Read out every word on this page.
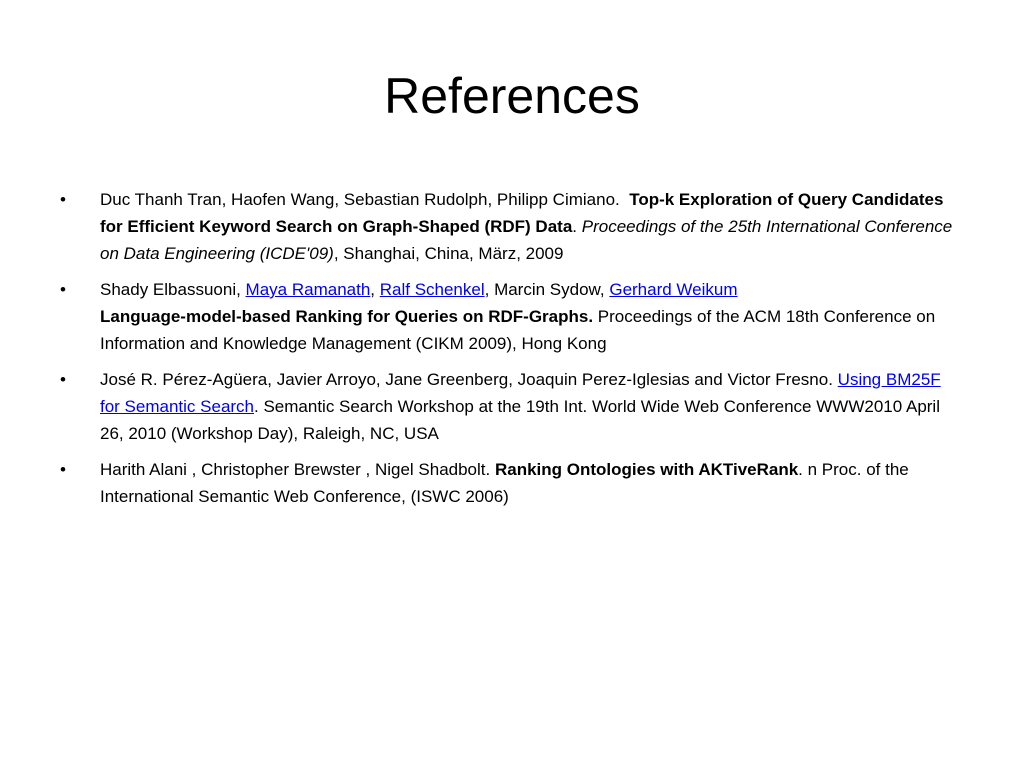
References
•	Duc Thanh Tran, Haofen Wang, Sebastian Rudolph, Philipp Cimiano. Top-k Exploration of Query Candidates for Efficient Keyword Search on Graph-Shaped (RDF) Data. Proceedings of the 25th International Conference on Data Engineering (ICDE'09), Shanghai, China, März, 2009
•	Shady Elbassuoni, Maya Ramanath, Ralf Schenkel, Marcin Sydow, Gerhard Weikum
Language-model-based Ranking for Queries on RDF-Graphs. Proceedings of the ACM 18th Conference on Information and Knowledge Management (CIKM 2009), Hong Kong
•	José R. Pérez-Agüera, Javier Arroyo, Jane Greenberg, Joaquin Perez-Iglesias and Victor Fresno. Using BM25F for Semantic Search. Semantic Search Workshop at the 19th Int. World Wide Web Conference WWW2010 April 26, 2010 (Workshop Day), Raleigh, NC, USA
•	Harith Alani , Christopher Brewster , Nigel Shadbolt. Ranking Ontologies with AKTiveRank. n Proc. of the International Semantic Web Conference, (ISWC 2006)
